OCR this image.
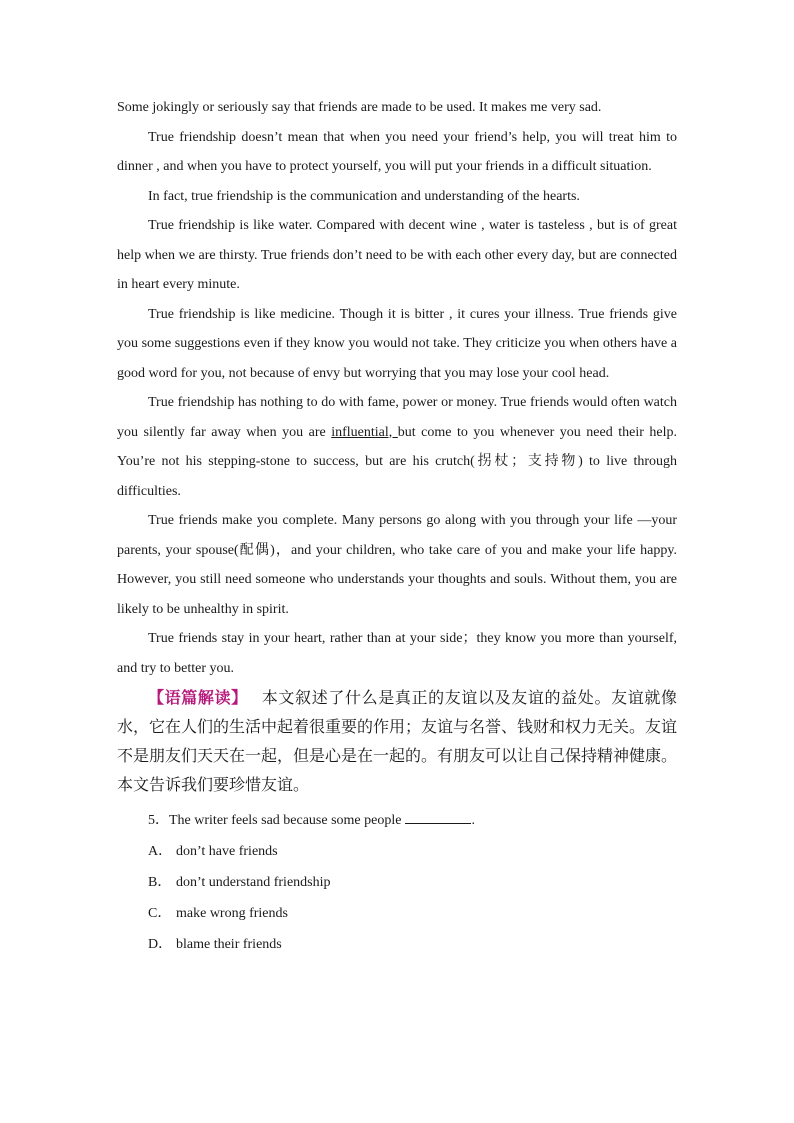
Some jokingly or seriously say that friends are made to be used. It makes me very sad.

True friendship doesn’t mean that when you need your friend’s help, you will treat him to dinner , and when you have to protect yourself, you will put your friends in a difficult situation.

In fact, true friendship is the communication and understanding of the hearts.

True friendship is like water. Compared with decent wine , water is tasteless , but is of great help when we are thirsty. True friends don’t need to be with each other every day, but are connected in heart every minute.

True friendship is like medicine. Though it is bitter , it cures your illness. True friends give you some suggestions even if they know you would not take. They criticize you when others have a good word for you, not because of envy but worrying that you may lose your cool head.

True friendship has nothing to do with fame, power or money. True friends would often watch you silently far away when you are influential, but come to you whenever you need their help. You’re not his stepping-stone to success, but are his crutch(拐杖；支持物) to live through difficulties.

True friends make you complete. Many persons go along with you through your life —your parents, your spouse(配偶)，and your children, who take care of you and make your life happy. However, you still need someone who understands your thoughts and souls. Without them, you are likely to be unhealthy in spirit.

True friends stay in your heart, rather than at your side；they know you more than yourself, and try to better you.

【语篇解读】 本文叙述了什么是真正的友谊以及友谊的益处。友谊就像水，它在人们的生活中起着很重要的作用；友谊与名誉、钱财和权力无关。友谊不是朋友们天天在一起，但是心是在一起的。有朋友可以让自己保持精神健康。本文告诉我们要珍惜友谊。

5．The writer feels sad because some people	.

A． don’t have friends

B． don’t understand friendship

C． make wrong friends

D． blame their friends
